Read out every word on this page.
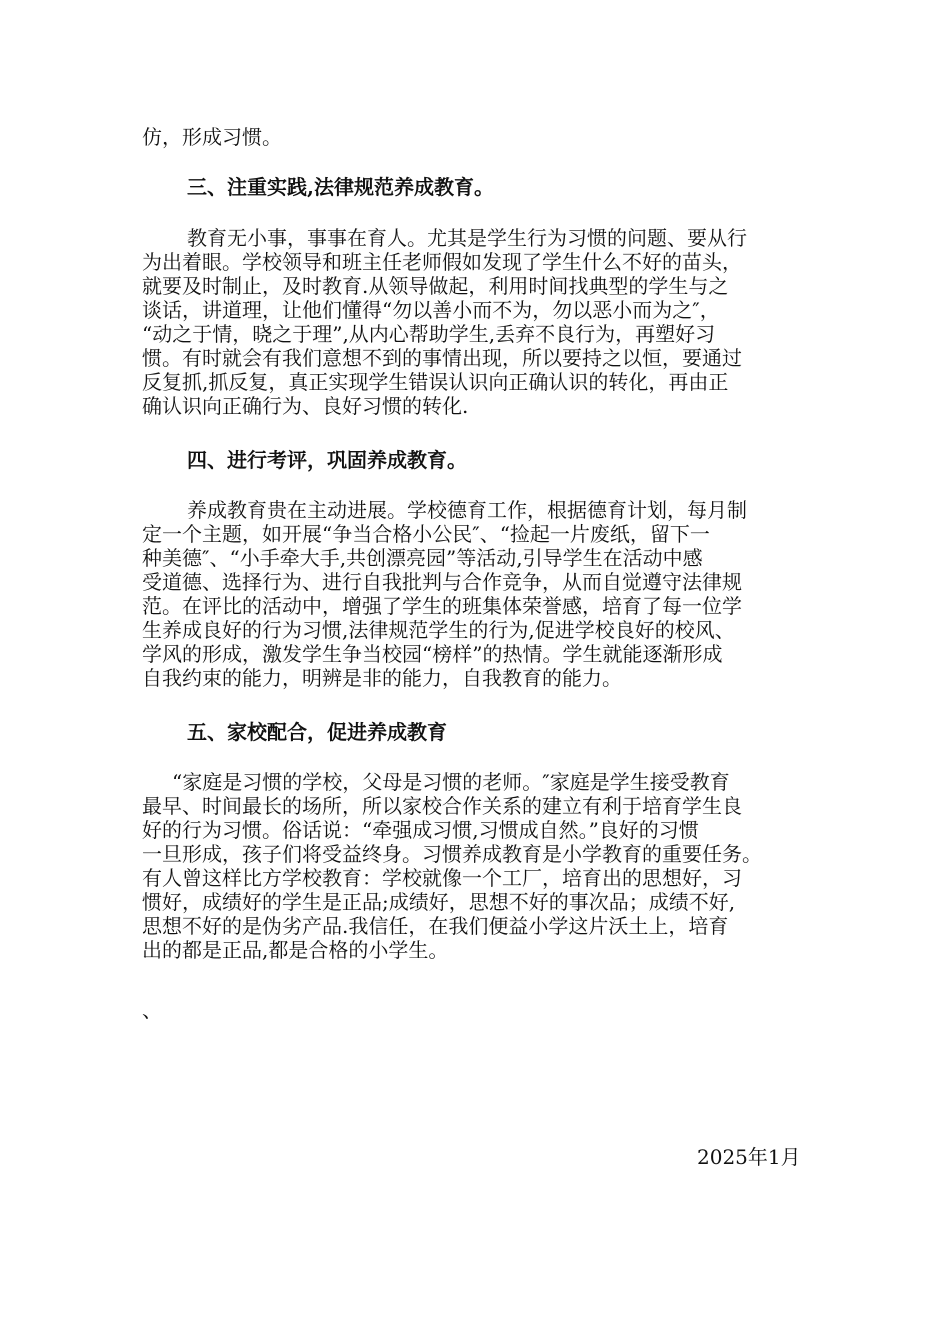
仿，形成习惯。
三、注重实践,法律规范养成教育。
教育无小事，事事在育人。尤其是学生行为习惯的问题、要从行
为出着眼。学校领导和班主任老师假如发现了学生什么不好的苗头，
就要及时制止，及时教育.从领导做起，利用时间找典型的学生与之
谈话，讲道理，让他们懂得“勿以善小而不为，勿以恶小而为之″，
“动之于情，晓之于理”,从内心帮助学生,丢弃不良行为，再塑好习
惯。有时就会有我们意想不到的事情出现，所以要持之以恒，要通过
反复抓,抓反复，真正实现学生错误认识向正确认识的转化，再由正
确认识向正确行为、良好习惯的转化.
四、进行考评，巩固养成教育。
养成教育贵在主动进展。学校德育工作，根据德育计划，每月制
定一个主题，如开展“争当合格小公民″、“捡起一片废纸，留下一
种美德″、“小手牵大手,共创漂亮园”等活动,引导学生在活动中感
受道德、选择行为、进行自我批判与合作竞争，从而自觉遵守法律规
范。在评比的活动中，增强了学生的班集体荣誉感，培育了每一位学
生养成良好的行为习惯,法律规范学生的行为,促进学校良好的校风、
学风的形成，激发学生争当校园“榜样”的热情。学生就能逐渐形成
自我约束的能力，明辨是非的能力，自我教育的能力。
五、家校配合，促进养成教育
“家庭是习惯的学校，父母是习惯的老师。″家庭是学生接受教育
最早、时间最长的场所，所以家校合作关系的建立有利于培育学生良
好的行为习惯。俗话说：“牵强成习惯,习惯成自然。”良好的习惯
一旦形成，孩子们将受益终身。习惯养成教育是小学教育的重要任务。
有人曾这样比方学校教育：学校就像一个工厂，培育出的思想好，习
惯好，成绩好的学生是正品;成绩好，思想不好的事次品；成绩不好,
思想不好的是伪劣产品.我信任，在我们便益小学这片沃土上，培育
出的都是正品,都是合格的小学生。
、
2025年1月
